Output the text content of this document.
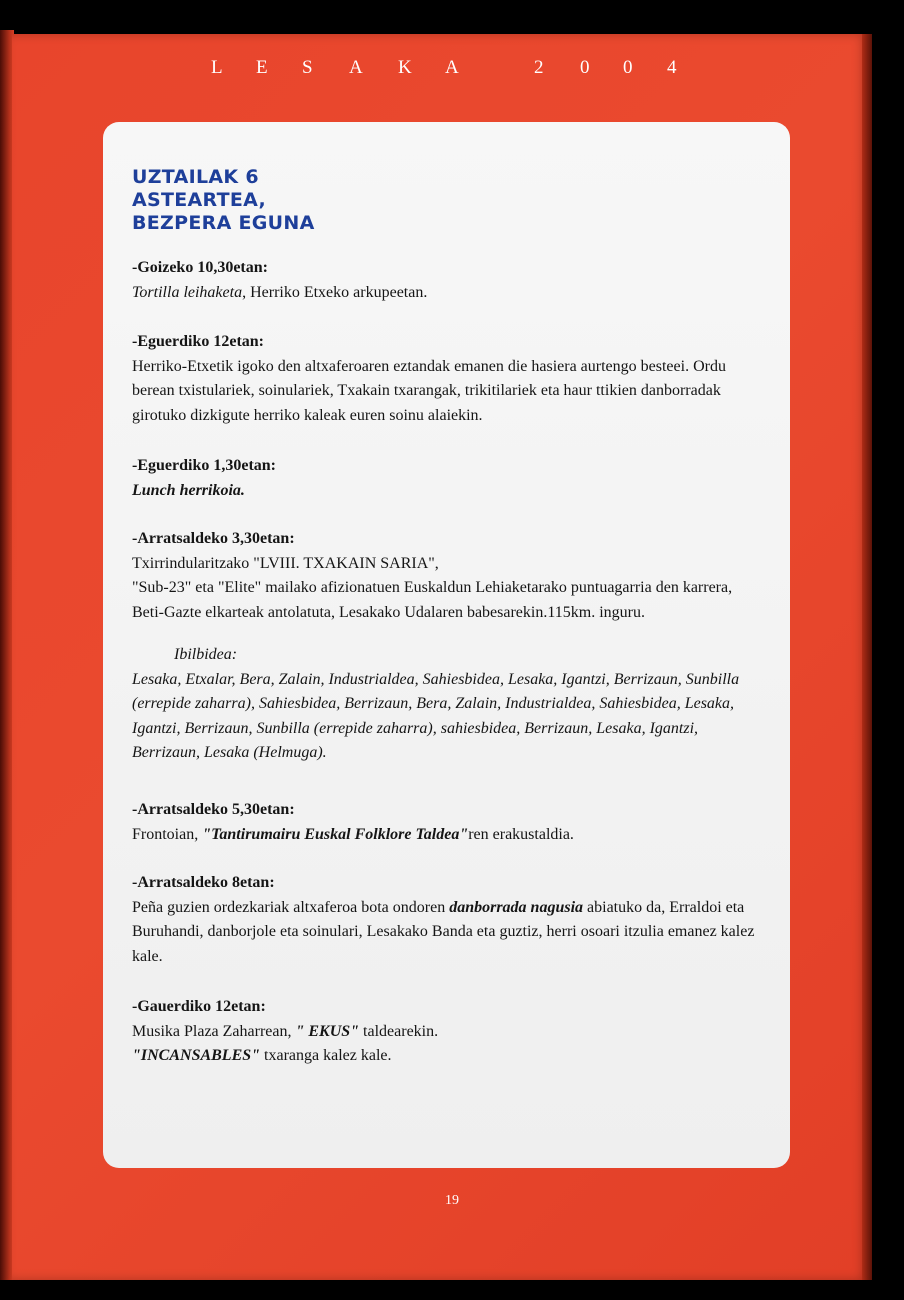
L E S A K A	2 0 0 4
UZTAILAK 6
ASTEARTEA,
BEZPERA EGUNA

-Goizeko 10,30etan:

Tortilla leihaketa, Herriko Etxeko arkupeetan.

-Eguerdiko 12etan:

Herriko-Etxetik igoko den altxaferoaren eztandak emanen die hasiera aurtengo besteei. Ordu berean txistulariek, soinulariek, Txakain txarangak, trikitilariek eta haur ttikien danborradak girotuko dizkigute herriko kaleak euren soinu alaiekin.

-Eguerdiko 1,30etan:

Lunch herrikoia.

-Arratsaldeko 3,30etan:

Txirrindularitzako "LVIII. TXAKAIN SARIA",

"Sub-23" eta "Elite" mailako afizionatuen Euskaldun Lehiaketarako puntuagarria den karrera, Beti-Gazte elkarteak antolatuta, Lesakako Udalaren babesarekin.115km. inguru.

Ibilbidea:

Lesaka, Etxalar, Bera, Zalain, Industrialdea, Sahiesbidea, Lesaka, Igantzi, Berrizaun, Sunbilla (errepide zaharra), Sahiesbidea, Berrizaun, Bera, Zalain, Industrialdea, Sahiesbidea, Lesaka, Igantzi, Berrizaun, Sunbilla (errepide zaharra), sahiesbidea, Berrizaun, Lesaka, Igantzi, Berrizaun, Lesaka (Helmuga).

-Arratsaldeko 5,30etan:

Frontoian, "Tantirumairu Euskal Folklore Taldea"ren erakustaldia.

-Arratsaldeko 8etan:

Peña guzien ordezkariak altxaferoa bota ondoren danborrada nagusia abiatuko da, Erraldoi eta Buruhandi, danborjole eta soinulari, Lesakako Banda eta guztiz, herri osoari itzulia emanez kalez kale.

-Gauerdiko 12etan:

Musika Plaza Zaharrean, " EKUS" taldearekin.

"INCANSABLES" txaranga kalez kale.

19
